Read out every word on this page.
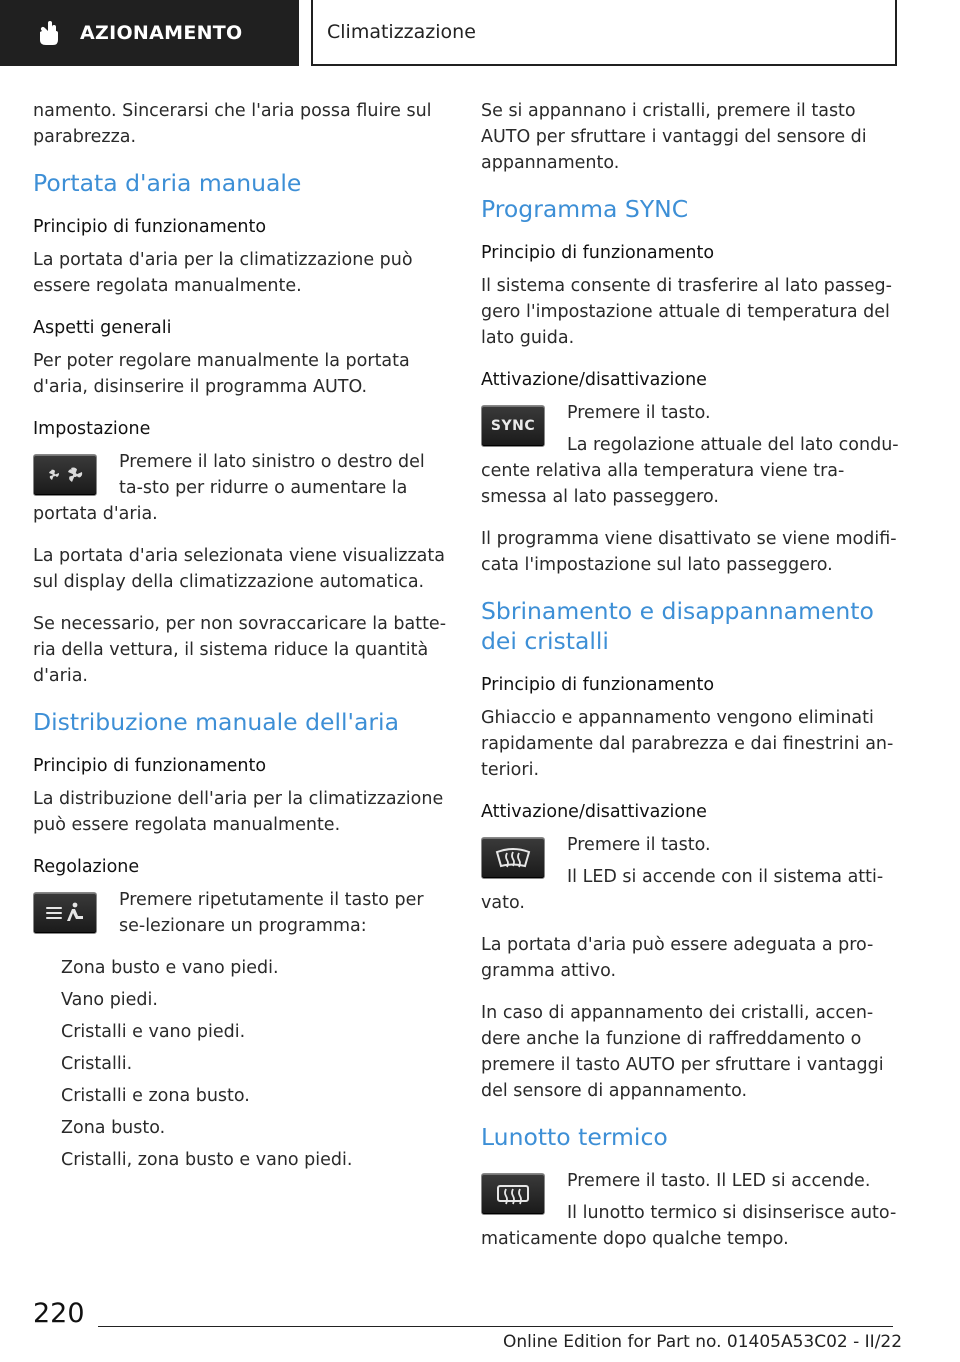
AZIONAMENTO	Climatizzazione

namento. Sincerarsi che l'aria possa fluire sul parabrezza.

Portata d'aria manuale
Principio di funzionamento

La portata d'aria per la climatizzazione può essere regolata manualmente.

Aspetti generali

Per poter regolare manualmente la portata d'aria, disinserire il programma AUTO.

Impostazione

Premere il lato sinistro o destro del ta-sto per ridurre o aumentare la portata d'aria.

La portata d'aria selezionata viene visualizzata sul display della climatizzazione automatica.

Se necessario, per non sovraccaricare la batte-ria della vettura, il sistema riduce la quantità d'aria.

Distribuzione manuale dell'aria
Principio di funzionamento

La distribuzione dell'aria per la climatizzazione può essere regolata manualmente.

Regolazione

Premere ripetutamente il tasto per se-lezionare un programma:

Zona busto e vano piedi.
Vano piedi.
Cristalli e vano piedi.
Cristalli.
Cristalli e zona busto.
Zona busto.
Cristalli, zona busto e vano piedi.

Se si appannano i cristalli, premere il tasto AUTO per sfruttare i vantaggi del sensore di appannamento.

Programma SYNC
Principio di funzionamento

Il sistema consente di trasferire al lato passeg-gero l'impostazione attuale di temperatura del lato guida.

Attivazione/disattivazione
SYNC

Premere il tasto.

La regolazione attuale del lato condu-cente relativa alla temperatura viene tra-smessa al lato passeggero.

Il programma viene disattivato se viene modifi-cata l'impostazione sul lato passeggero.

Sbrinamento e disappannamento dei cristalli
Principio di funzionamento

Ghiaccio e appannamento vengono eliminati rapidamente dal parabrezza e dai finestrini an-teriori.

Attivazione/disattivazione

Premere il tasto.

Il LED si accende con il sistema atti-vato.

La portata d'aria può essere adeguata a pro-gramma attivo.

In caso di appannamento dei cristalli, accen-dere anche la funzione di raffreddamento o premere il tasto AUTO per sfruttare i vantaggi del sensore di appannamento.

Lunotto termico

Premere il tasto. Il LED si accende.

Il lunotto termico si disinserisce auto-maticamente dopo qualche tempo.

220
Online Edition for Part no. 01405A53C02 - II/22
